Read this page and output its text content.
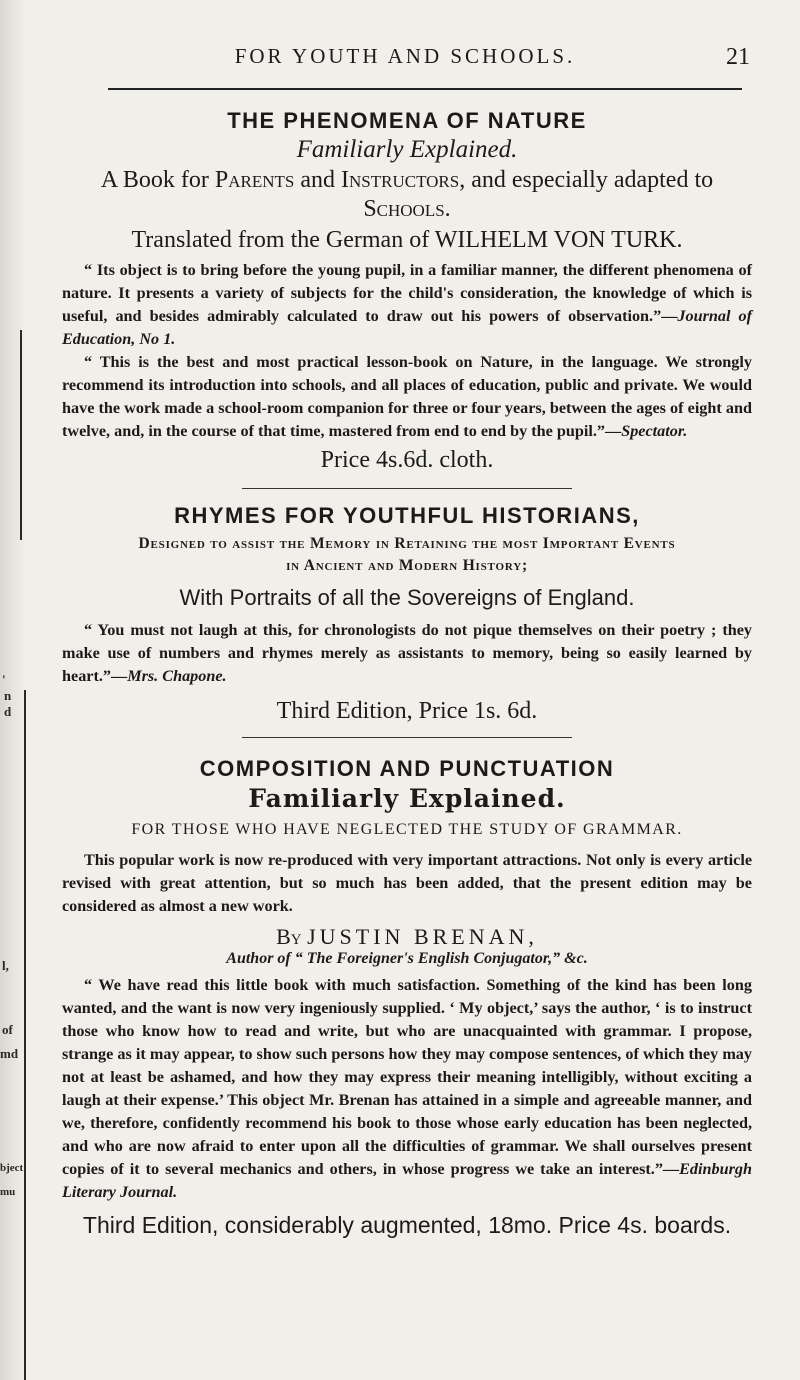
'
n
d
l,
of
md
bject
mu
FOR YOUTH AND SCHOOLS.	21
THE PHENOMENA OF NATURE

Familiarly Explained.

A Book for Parents and Instructors, and especially adapted to
Schools.

Translated from the German of WILHELM VON TURK.

“ Its object is to bring before the young pupil, in a familiar manner, the different phenomena of nature. It presents a variety of subjects for the child's consideration, the knowledge of which is useful, and besides admirably calculated to draw out his powers of observation.”—Journal of Education, No 1.

“ This is the best and most practical lesson-book on Nature, in the language. We strongly recommend its introduction into schools, and all places of education, public and private. We would have the work made a school-room companion for three or four years, between the ages of eight and twelve, and, in the course of that time, mastered from end to end by the pupil.”—Spectator.

Price 4s.6d. cloth.

RHYMES FOR YOUTHFUL HISTORIANS,

Designed to assist the Memory in Retaining the most Important Events
in Ancient and Modern History;

With Portraits of all the Sovereigns of England.

“ You must not laugh at this, for chronologists do not pique themselves on their poetry ; they make use of numbers and rhymes merely as assistants to memory, being so easily learned by heart.”—Mrs. Chapone.

Third Edition, Price 1s. 6d.

COMPOSITION AND PUNCTUATION

Familiarly Explained.

FOR THOSE WHO HAVE NEGLECTED THE STUDY OF GRAMMAR.

This popular work is now re-produced with very important attractions. Not only is every article revised with great attention, but so much has been added, that the present edition may be considered as almost a new work.

By JUSTIN BRENAN,

Author of “ The Foreigner's English Conjugator,” &c.

“ We have read this little book with much satisfaction. Something of the kind has been long wanted, and the want is now very ingeniously supplied. ‘ My object,’ says the author, ‘ is to instruct those who know how to read and write, but who are unacquainted with grammar. I propose, strange as it may appear, to show such persons how they may compose sentences, of which they may not at least be ashamed, and how they may express their meaning intelligibly, without exciting a laugh at their expense.’ This object Mr. Brenan has attained in a simple and agreeable manner, and we, therefore, confidently recommend his book to those whose early education has been neglected, and who are now afraid to enter upon all the difficulties of grammar. We shall ourselves present copies of it to several mechanics and others, in whose progress we take an interest.”—Edinburgh Literary Journal.

Third Edition, considerably augmented, 18mo. Price 4s. boards.
